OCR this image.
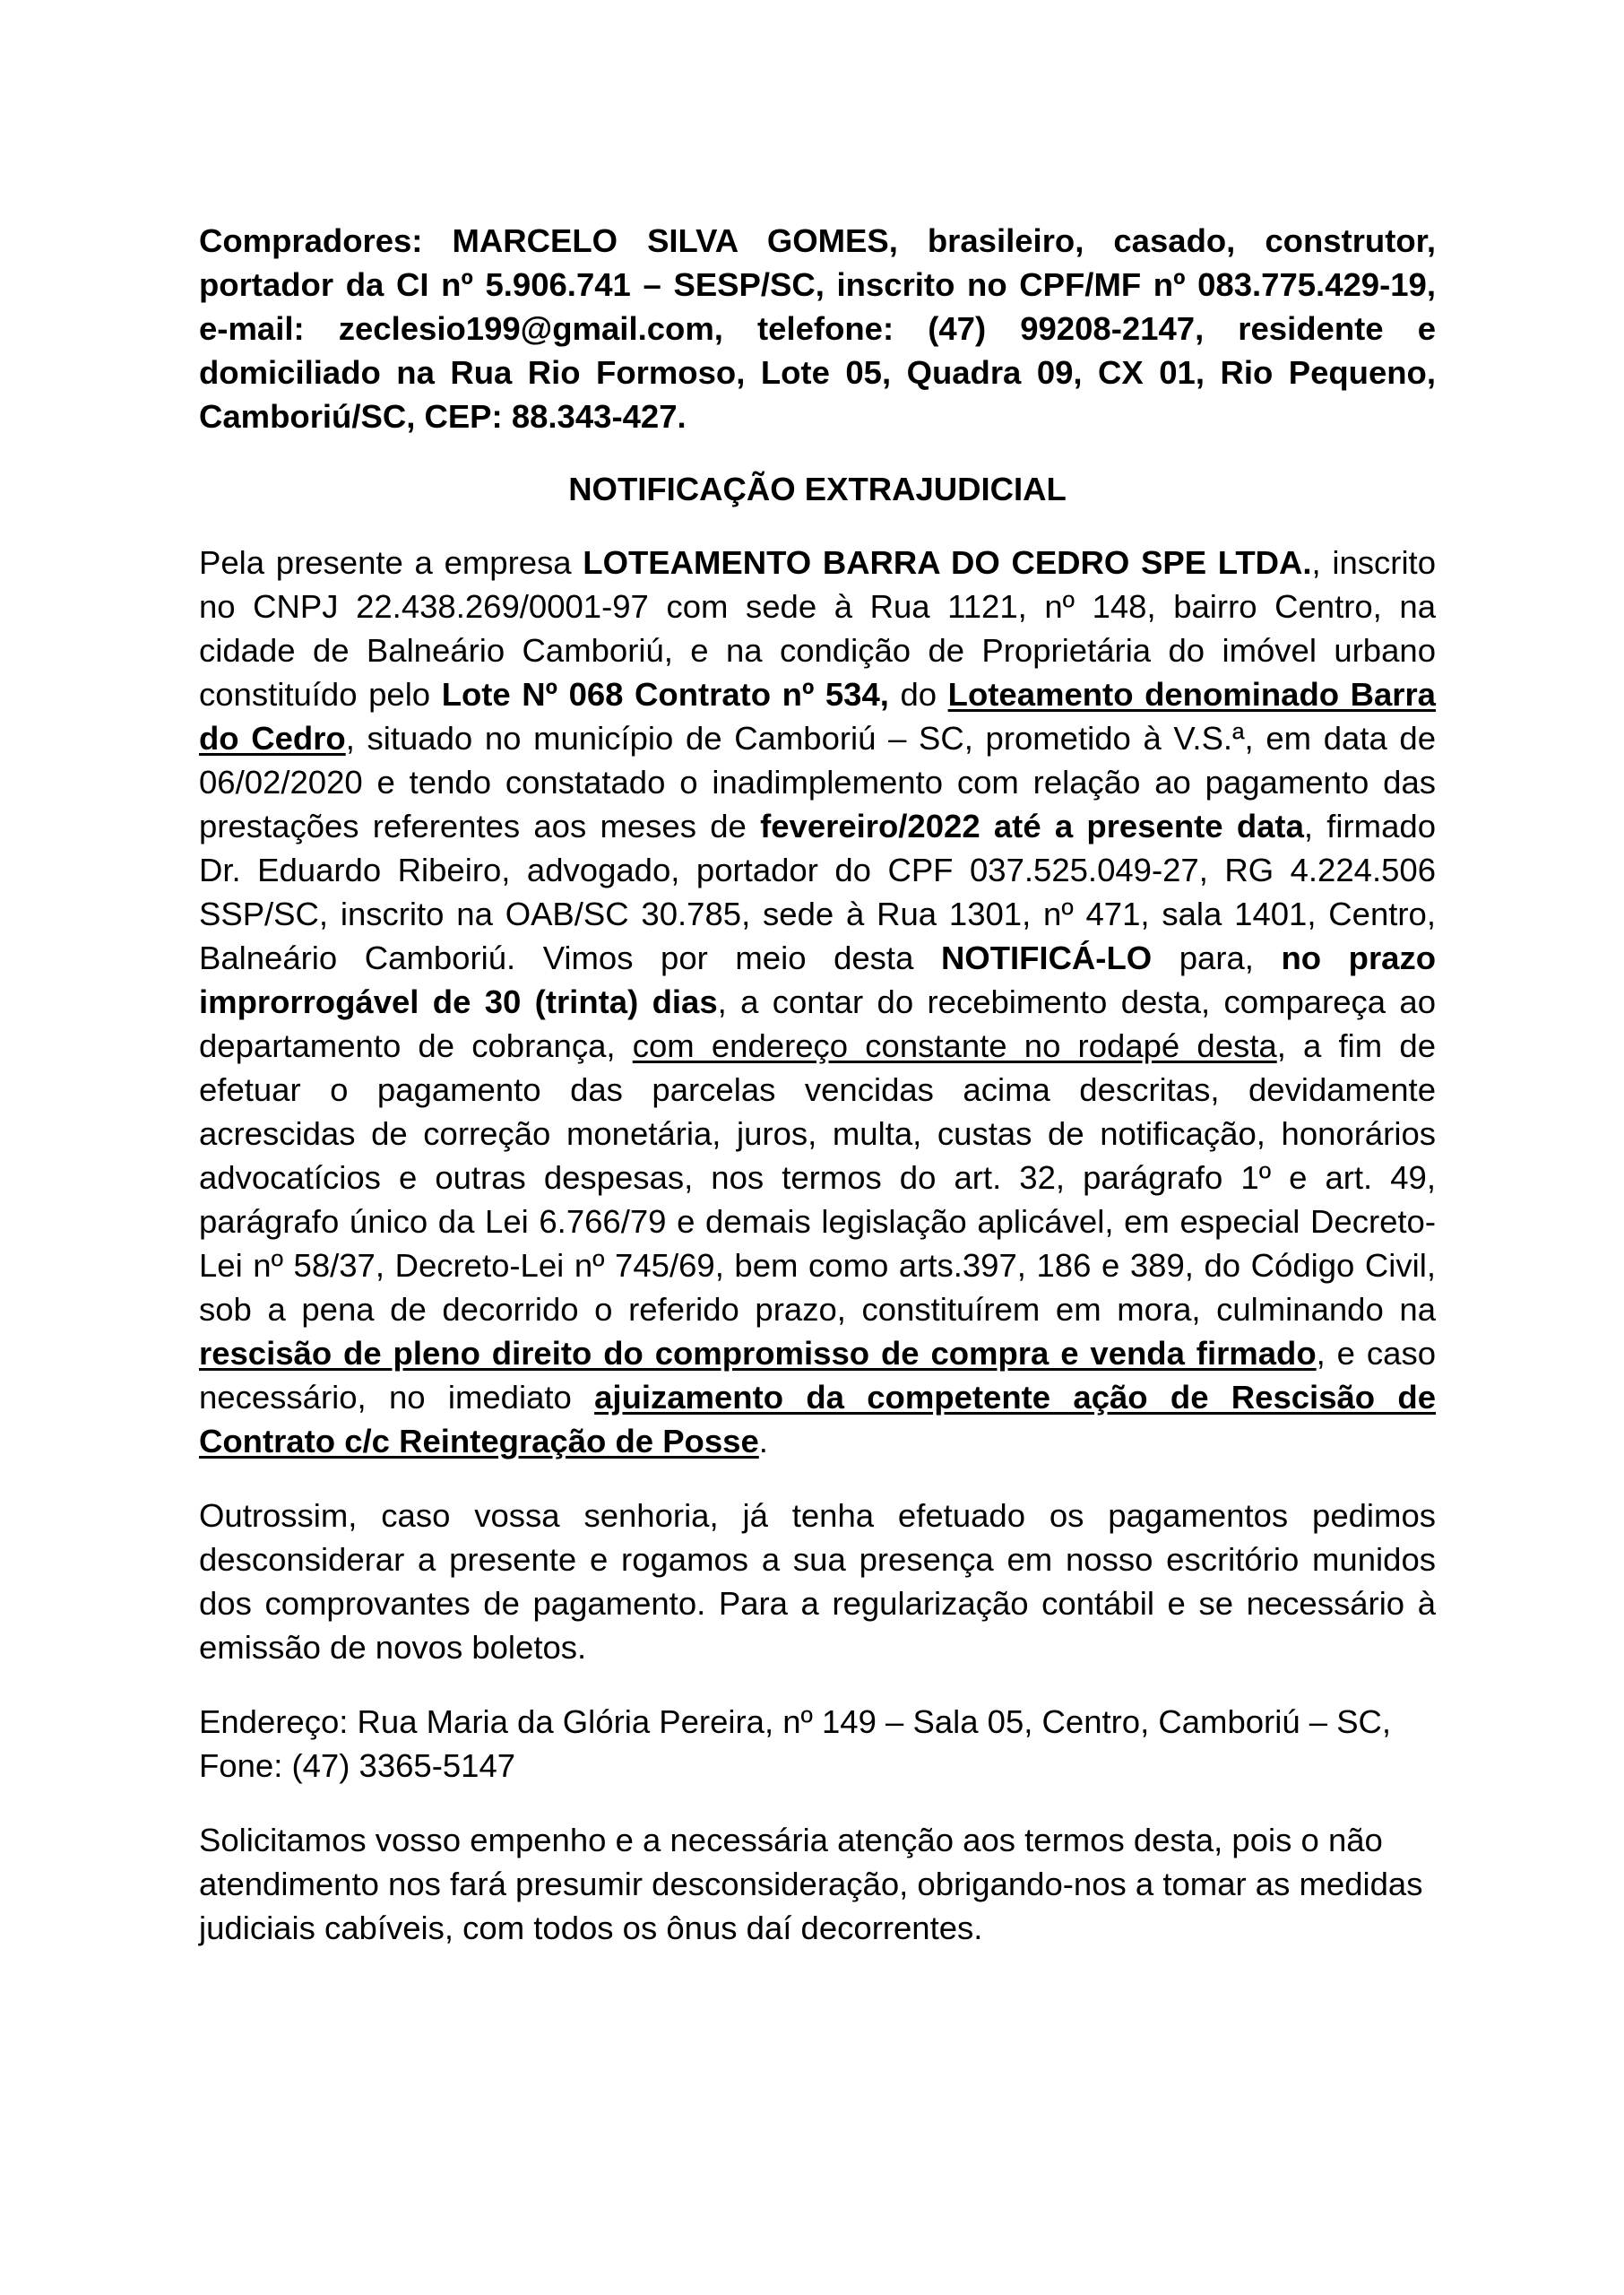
Compradores: MARCELO SILVA GOMES, brasileiro, casado, construtor, portador da CI nº 5.906.741 – SESP/SC, inscrito no CPF/MF nº 083.775.429-19, e-mail: zeclesio199@gmail.com, telefone: (47) 99208-2147, residente e domiciliado na Rua Rio Formoso, Lote 05, Quadra 09, CX 01, Rio Pequeno, Camboriú/SC, CEP: 88.343-427.

NOTIFICAÇÃO EXTRAJUDICIAL

Pela presente a empresa LOTEAMENTO BARRA DO CEDRO SPE LTDA., inscrito no CNPJ 22.438.269/0001-97 com sede à Rua 1121, nº 148, bairro Centro, na cidade de Balneário Camboriú, e na condição de Proprietária do imóvel urbano constituído pelo Lote Nº 068 Contrato nº 534, do Loteamento denominado Barra do Cedro, situado no município de Camboriú – SC, prometido à V.S.ª, em data de 06/02/2020 e tendo constatado o inadimplemento com relação ao pagamento das prestações referentes aos meses de fevereiro/2022 até a presente data, firmado Dr. Eduardo Ribeiro, advogado, portador do CPF 037.525.049-27, RG 4.224.506 SSP/SC, inscrito na OAB/SC 30.785, sede à Rua 1301, nº 471, sala 1401, Centro, Balneário Camboriú. Vimos por meio desta NOTIFICÁ-LO para, no prazo improrrogável de 30 (trinta) dias, a contar do recebimento desta, compareça ao departamento de cobrança, com endereço constante no rodapé desta, a fim de efetuar o pagamento das parcelas vencidas acima descritas, devidamente acrescidas de correção monetária, juros, multa, custas de notificação, honorários advocatícios e outras despesas, nos termos do art. 32, parágrafo 1º e art. 49, parágrafo único da Lei 6.766/79 e demais legislação aplicável, em especial Decreto-Lei nº 58/37, Decreto-Lei nº 745/69, bem como arts.397, 186 e 389, do Código Civil, sob a pena de decorrido o referido prazo, constituírem em mora, culminando na rescisão de pleno direito do compromisso de compra e venda firmado, e caso necessário, no imediato ajuizamento da competente ação de Rescisão de Contrato c/c Reintegração de Posse.

Outrossim, caso vossa senhoria, já tenha efetuado os pagamentos pedimos desconsiderar a presente e rogamos a sua presença em nosso escritório munidos dos comprovantes de pagamento. Para a regularização contábil e se necessário à emissão de novos boletos.

Endereço: Rua Maria da Glória Pereira, nº 149 – Sala 05, Centro, Camboriú – SC,
Fone: (47) 3365-5147

Solicitamos vosso empenho e a necessária atenção aos termos desta, pois o não atendimento nos fará presumir desconsideração, obrigando-nos a tomar as medidas judiciais cabíveis, com todos os ônus daí decorrentes.
